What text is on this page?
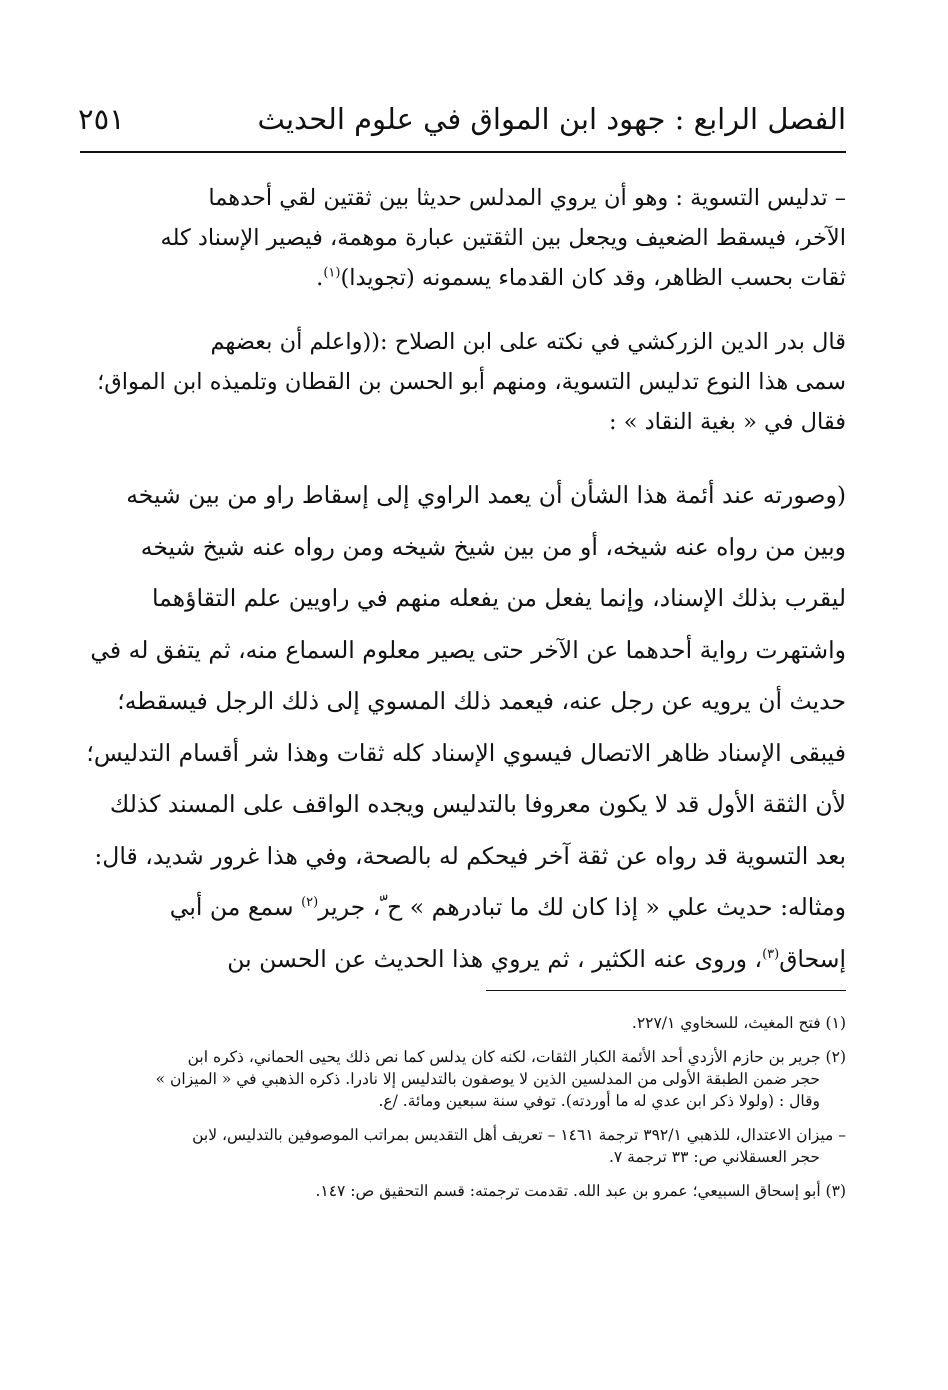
الفصل الرابع : جهود ابن المواق في علوم الحديث
٢٥١
– تدليس التسوية : وهو أن يروي المدلس حديثا بين ثقتين لقي أحدهما
الآخر، فيسقط الضعيف ويجعل بين الثقتين عبارة موهمة، فيصير الإسناد كله
ثقات بحسب الظاهر، وقد كان القدماء يسمونه (تجويدا)$^{(١)}$.
قال بدر الدين الزركشي في نكته على ابن الصلاح :((واعلم أن بعضهم
سمى هذا النوع تدليس التسوية، ومنهم أبو الحسن بن القطان وتلميذه ابن المواق؛
فقال في « بغية النقاد » :
(وصورته عند أئمة هذا الشأن أن يعمد الراوي إلى إسقاط راو من بين شيخه
وبين من رواه عنه شيخه، أو من بين شيخ شيخه ومن رواه عنه شيخ شيخه
ليقرب بذلك الإسناد، وإنما يفعل من يفعله منهم في راويين علم التقاؤهما
واشتهرت رواية أحدهما عن الآخر حتى يصير معلوم السماع منه، ثم يتفق له في
حديث أن يرويه عن رجل عنه، فيعمد ذلك المسوي إلى ذلك الرجل فيسقطه؛
فيبقى الإسناد ظاهر الاتصال فيسوي الإسناد كله ثقات وهذا شر أقسام التدليس؛
لأن الثقة الأول قد لا يكون معروفا بالتدليس ويجده الواقف على المسند كذلك
بعد التسوية قد رواه عن ثقة آخر فيحكم له بالصحة، وفي هذا غرور شديد، قال:
ومثاله: حديث علي « إذا كان لك ما تبادرهم » ح ّ، جرير$^{(٢)}$ سمع من أبي
إسحاق$^{(٣)}$، وروى عنه الكثير ، ثم يروي هذا الحديث عن الحسن بن
(١) فتح المغيث، للسخاوي ٢٢٧/١.
(٢) جرير بن حازم الأزدي أحد الأئمة الكبار الثقات، لكنه كان يدلس كما نص ذلك يحيى الحماني، ذكره ابن
حجر ضمن الطبقة الأولى من المدلسين الذين لا يوصفون بالتدليس إلا نادرا. ذكره الذهبي في « الميزان »
وقال : (ولولا ذكر ابن عدي له ما أوردته). توفي سنة سبعين ومائة. /ع.
– ميزان الاعتدال، للذهبي ٣٩٢/١ ترجمة ١٤٦١ – تعريف أهل التقديس بمراتب الموصوفين بالتدليس، لابن
حجر العسقلاني ص: ٣٣ ترجمة ٧.
(٣) أبو إسحاق السبيعي؛ عمرو بن عبد الله. تقدمت ترجمته: قسم التحقيق ص: ١٤٧.
